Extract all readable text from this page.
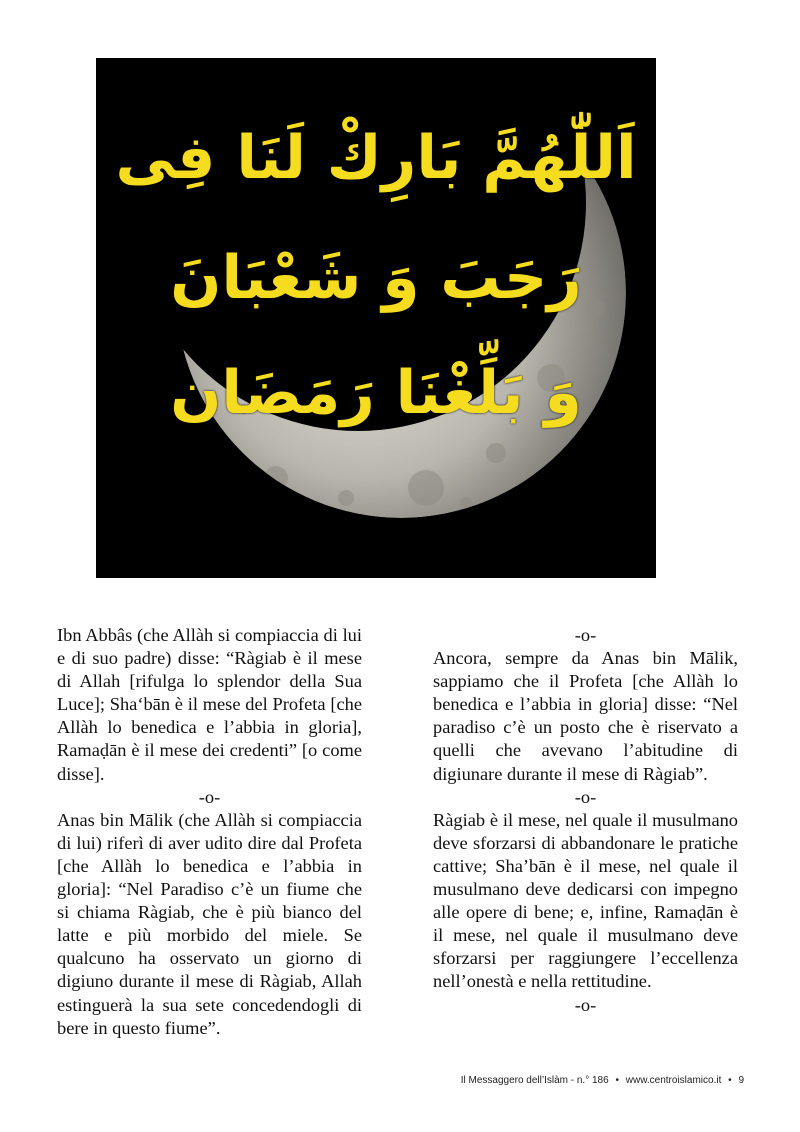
اَللّٰهُمَّ بَارِكْ لَنَا فِى
رَجَبَ وَ شَعْبَانَ
وَ بَلِّغْنَا رَمَضَان

Ibn Abbâs (che Allàh si compiaccia di lui e di suo padre) disse: “Ràgiab è il mese di Allah [rifulga lo splendor della Sua Luce]; Sha‘bān è il mese del Profeta [che Allàh lo benedica e l’abbia in gloria], Ramaḍān è il mese dei credenti” [o come disse].

-o-

Anas bin Mālik (che Allàh si compiaccia di lui) riferì di aver udito dire dal Profeta [che Allàh lo benedica e l’abbia in gloria]: “Nel Paradiso c’è un fiume che si chiama Ràgiab, che è più bianco del latte e più morbido del miele. Se qualcuno ha osservato un giorno di digiuno durante il mese di Ràgiab, Allah estinguerà la sua sete concedendogli di bere in questo fiume”.

-o-

Ancora, sempre da Anas bin Mālik, sappiamo che il Profeta [che Allàh lo benedica e l’abbia in gloria] disse: “Nel paradiso c’è un posto che è riservato a quelli che avevano l’abitudine di digiunare durante il mese di Ràgiab”.

-o-

Ràgiab è il mese, nel quale il musulmano deve sforzarsi di abbandonare le pratiche cattive; Sha’bān è il mese, nel quale il musulmano deve dedicarsi con impegno alle opere di bene; e, infine, Ramaḍān è il mese, nel quale il musulmano deve sforzarsi per raggiungere l’eccellenza nell’onestà e nella rettitudine.

-o-

Il Messaggero dell’Islàm - n.° 186 • www.centroislamico.it • 9
